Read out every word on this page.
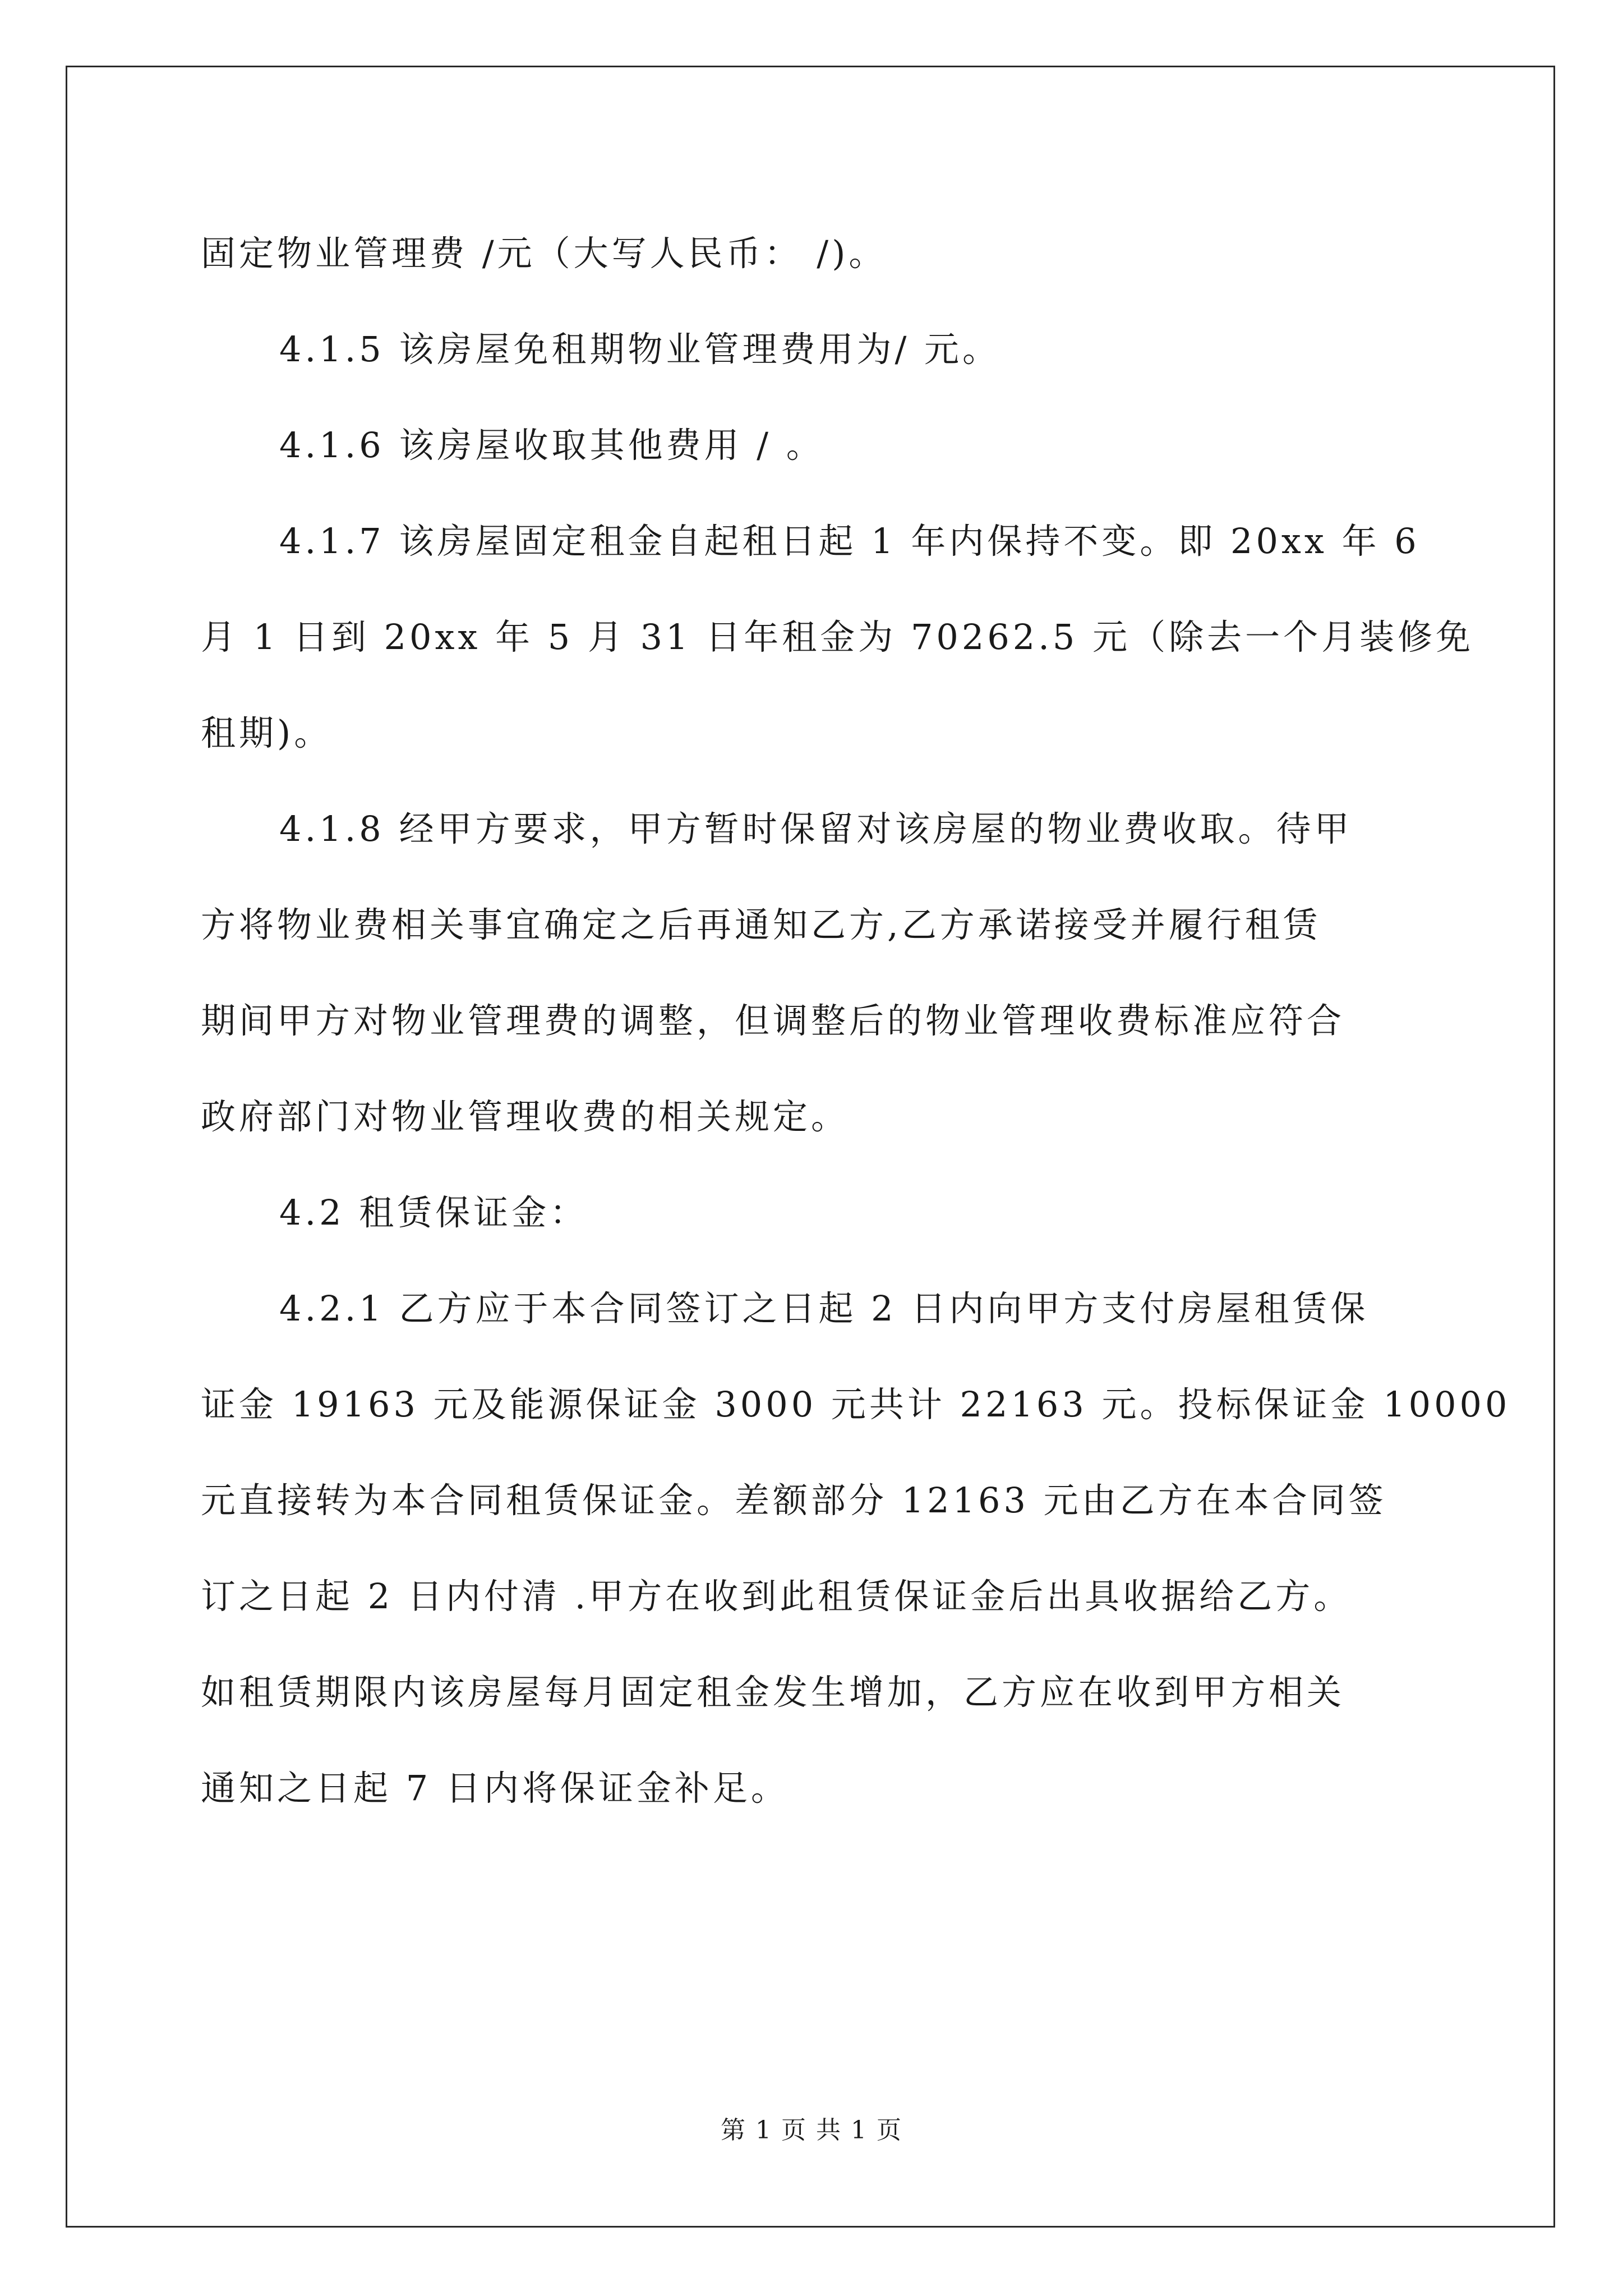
固定物业管理费 /元（大写人民币： /)。

4.1.5 该房屋免租期物业管理费用为/ 元。

4.1.6 该房屋收取其他费用 / 。

4.1.7 该房屋固定租金自起租日起 1 年内保持不变。即 20xx 年 6
月 1 日到 20xx 年 5 月 31 日年租金为 70262.5 元（除去一个月装修免
租期)。

4.1.8 经甲方要求，甲方暂时保留对该房屋的物业费收取。待甲
方将物业费相关事宜确定之后再通知乙方,乙方承诺接受并履行租赁
期间甲方对物业管理费的调整，但调整后的物业管理收费标准应符合
政府部门对物业管理收费的相关规定。

4.2 租赁保证金：

4.2.1 乙方应于本合同签订之日起 2 日内向甲方支付房屋租赁保
证金 19163 元及能源保证金 3000 元共计 22163 元。投标保证金 10000
元直接转为本合同租赁保证金。差额部分 12163 元由乙方在本合同签
订之日起 2 日内付清 .甲方在收到此租赁保证金后出具收据给乙方。
如租赁期限内该房屋每月固定租金发生增加，乙方应在收到甲方相关
通知之日起 7 日内将保证金补足。

第 1 页 共 1 页
